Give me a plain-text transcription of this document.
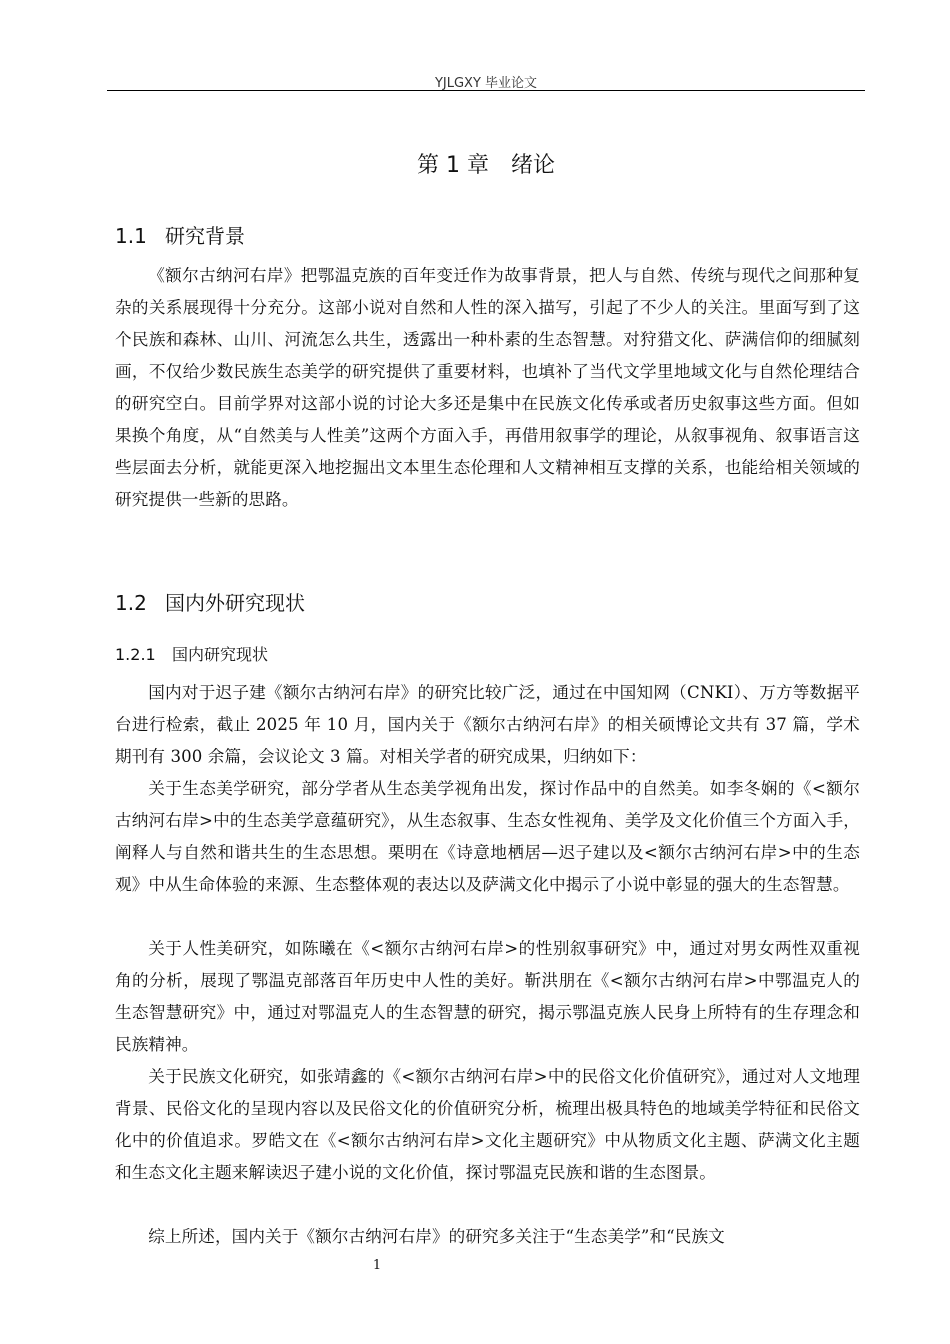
YJLGXY 毕业论文
第 1 章　绪论
1.1 研究背景

《额尔古纳河右岸》把鄂温克族的百年变迁作为故事背景，把人与自然、传统与现代之间那种复杂的关系展现得十分充分。这部小说对自然和人性的深入描写，引起了不少人的关注。里面写到了这个民族和森林、山川、河流怎么共生，透露出一种朴素的生态智慧。对狩猎文化、萨满信仰的细腻刻画，不仅给少数民族生态美学的研究提供了重要材料，也填补了当代文学里地域文化与自然伦理结合的研究空白。目前学界对这部小说的讨论大多还是集中在民族文化传承或者历史叙事这些方面。但如果换个角度，从“自然美与人性美”这两个方面入手，再借用叙事学的理论，从叙事视角、叙事语言这些层面去分析，就能更深入地挖掘出文本里生态伦理和人文精神相互支撑的关系，也能给相关领域的研究提供一些新的思路。

1.2 国内外研究现状
1.2.1 国内研究现状

国内对于迟子建《额尔古纳河右岸》的研究比较广泛，通过在中国知网（CNKI）、万方等数据平台进行检索，截止 2025 年 10 月，国内关于《额尔古纳河右岸》的相关硕博论文共有 37 篇，学术期刊有 300 余篇，会议论文 3 篇。对相关学者的研究成果，归纳如下：

关于生态美学研究，部分学者从生态美学视角出发，探讨作品中的自然美。如李冬娴的《<额尔古纳河右岸>中的生态美学意蕴研究》，从生态叙事、生态女性视角、美学及文化价值三个方面入手，阐释人与自然和谐共生的生态思想。栗明在《诗意地栖居—迟子建以及<额尔古纳河右岸>中的生态观》中从生命体验的来源、生态整体观的表达以及萨满文化中揭示了小说中彰显的强大的生态智慧。

关于人性美研究，如陈曦在《<额尔古纳河右岸>的性别叙事研究》中，通过对男女两性双重视角的分析，展现了鄂温克部落百年历史中人性的美好。靳洪朋在《<额尔古纳河右岸>中鄂温克人的生态智慧研究》中，通过对鄂温克人的生态智慧的研究，揭示鄂温克族人民身上所特有的生存理念和民族精神。

关于民族文化研究，如张靖鑫的《<额尔古纳河右岸>中的民俗文化价值研究》，通过对人文地理背景、民俗文化的呈现内容以及民俗文化的价值研究分析，梳理出极具特色的地域美学特征和民俗文化中的价值追求。罗皓文在《<额尔古纳河右岸>文化主题研究》中从物质文化主题、萨满文化主题和生态文化主题来解读迟子建小说的文化价值，探讨鄂温克民族和谐的生态图景。

综上所述，国内关于《额尔古纳河右岸》的研究多关注于“生态美学”和“民族文

1
